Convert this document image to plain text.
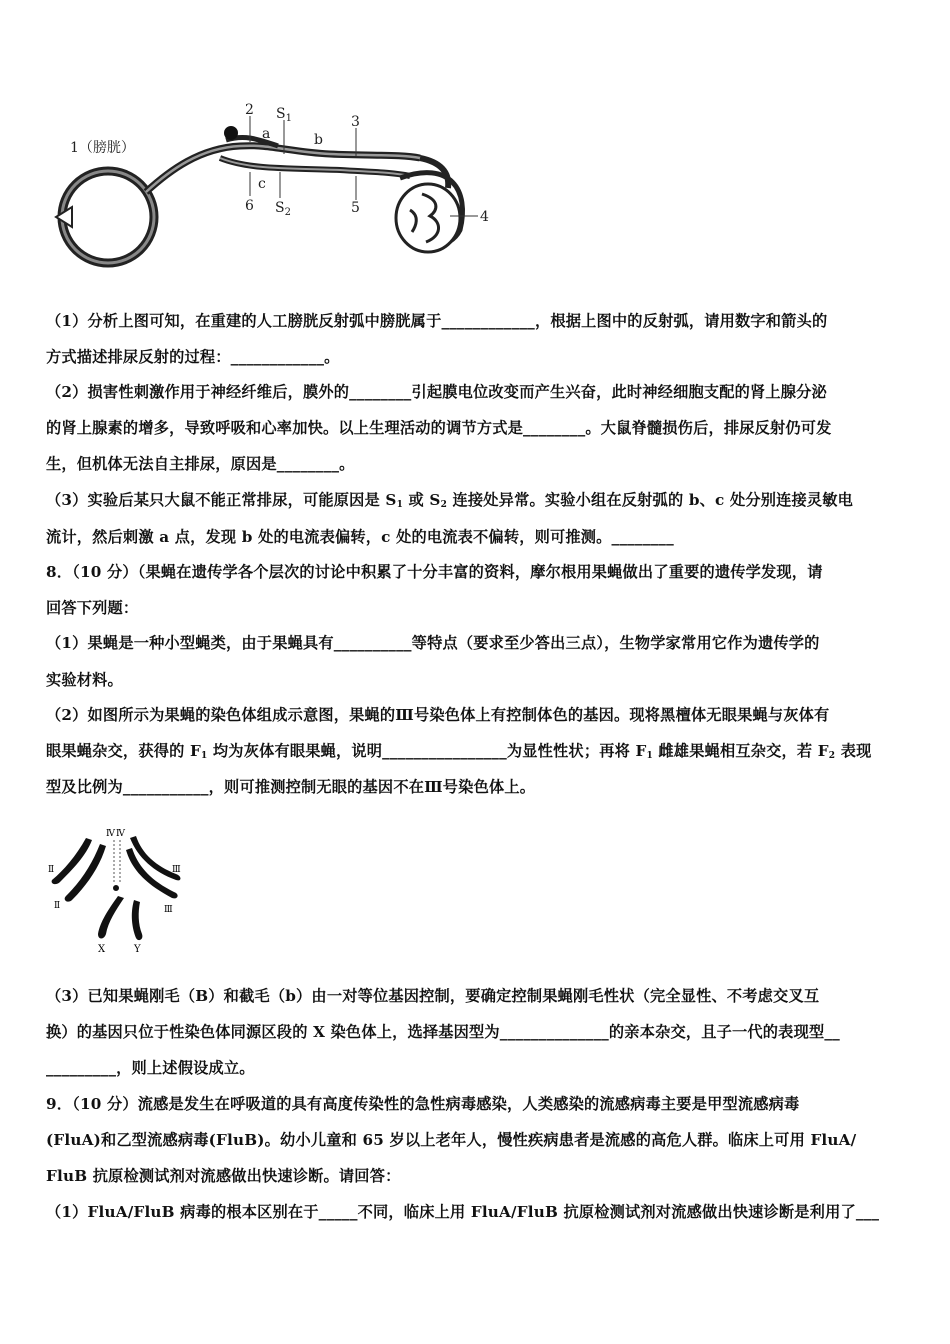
1（膀胱）
2 $S_1$
a	b
3
c
6 $S_2$	5
4
（1）分析上图可知，在重建的人工膀胱反射弧中膀胱属于____________，根据上图中的反射弧，请用数字和箭头的
方式描述排尿反射的过程：____________。
（2）损害性刺激作用于神经纤维后，膜外的________引起膜电位改变而产生兴奋，此时神经细胞支配的肾上腺分泌
的肾上腺素的增多，导致呼吸和心率加快。以上生理活动的调节方式是________。大鼠脊髓损伤后，排尿反射仍可发
生，但机体无法自主排尿，原因是________。
（3）实验后某只大鼠不能正常排尿，可能原因是 $S_1$ 或 $S_2$ 连接处异常。实验小组在反射弧的 b、c 处分别连接灵敏电
流计，然后刺激 a 点，发现 b 处的电流表偏转，c 处的电流表不偏转，则可推测。________
8．（10 分）（果蝇在遗传学各个层次的讨论中积累了十分丰富的资料，摩尔根用果蝇做出了重要的遗传学发现，请
回答下列题：
（1）果蝇是一种小型蝇类，由于果蝇具有__________等特点（要求至少答出三点），生物学家常用它作为遗传学的
实验材料。
（2）如图所示为果蝇的染色体组成示意图，果蝇的Ⅲ号染色体上有控制体色的基因。现将黑檀体无眼果蝇与灰体有
眼果蝇杂交，获得的 $F_1$ 均为灰体有眼果蝇，说明________________为显性性状；再将 $F_1$ 雌雄果蝇相互杂交，若 $F_2$ 表现
型及比例为___________，则可推测控制无眼的基因不在Ⅲ号染色体上。
Ⅳ Ⅳ
Ⅱ
Ⅱ
Ⅲ
Ⅲ
X	Y
（3）已知果蝇刚毛（B）和截毛（b）由一对等位基因控制，要确定控制果蝇刚毛性状（完全显性、不考虑交叉互
换）的基因只位于性染色体同源区段的 X 染色体上，选择基因型为______________的亲本杂交，且子一代的表现型__
_________，则上述假设成立。
9．（10 分）流感是发生在呼吸道的具有高度传染性的急性病毒感染，人类感染的流感病毒主要是甲型流感病毒
(FluA)和乙型流感病毒(FluB)。幼小儿童和 65 岁以上老年人，慢性疾病患者是流感的高危人群。临床上可用 FluA/
FluB 抗原检测试剂对流感做出快速诊断。请回答：
（1）FluA/FluB 病毒的根本区别在于_____不同，临床上用 FluA/FluB 抗原检测试剂对流感做出快速诊断是利用了___
